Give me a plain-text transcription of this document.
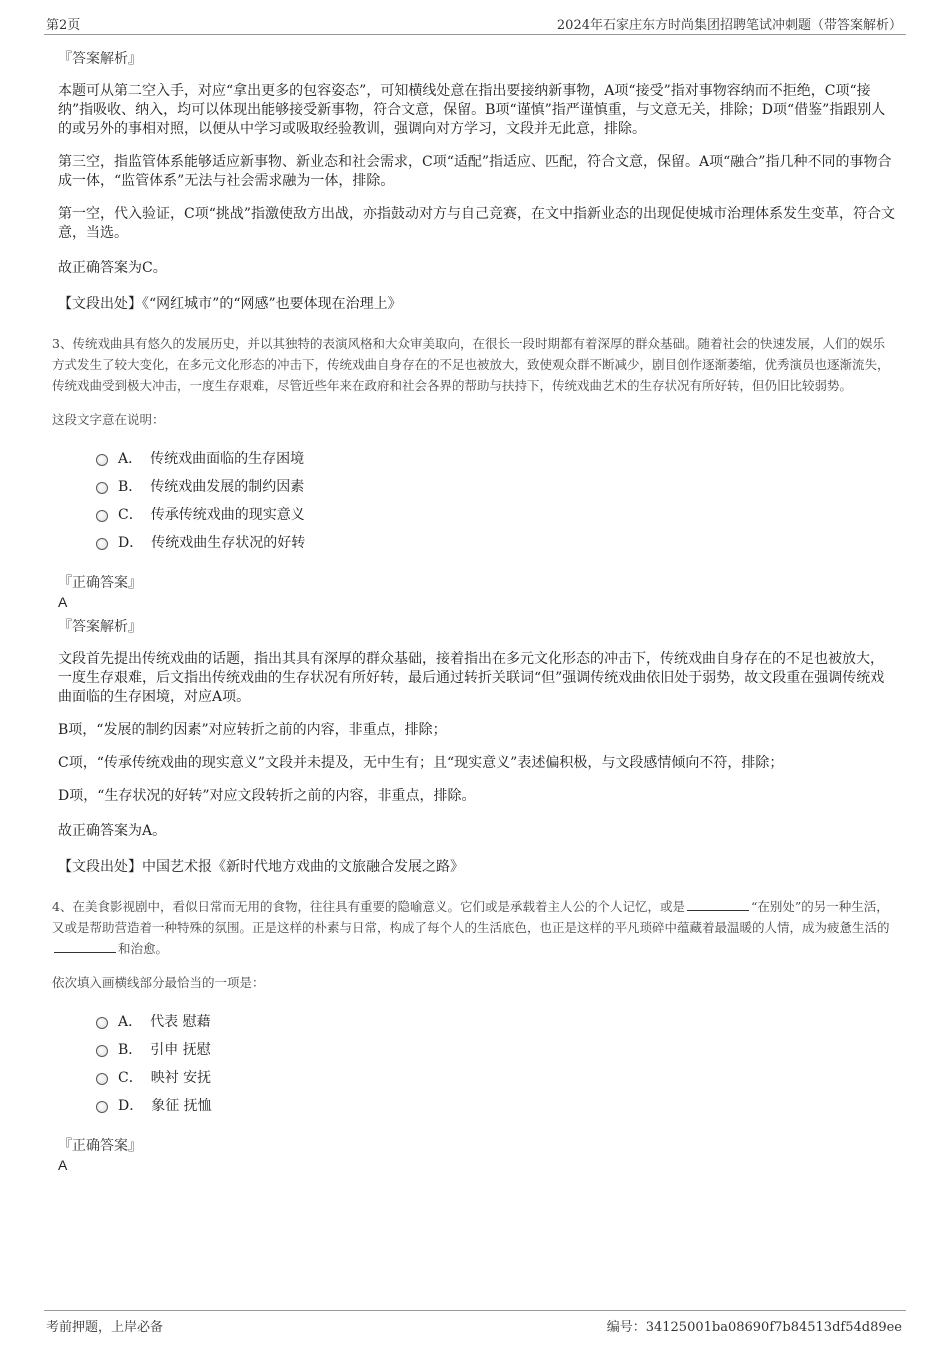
第2页	2024年石家庄东方时尚集团招聘笔试冲刺题（带答案解析）
『答案解析』

本题可从第二空入手，对应“拿出更多的包容姿态”，可知横线处意在指出要接纳新事物，A项“接受”指对事物容纳而不拒绝，C项“接纳”指吸收、纳入，均可以体现出能够接受新事物，符合文意，保留。B项“谨慎”指严谨慎重，与文意无关，排除；D项“借鉴”指跟别人的或另外的事相对照，以便从中学习或吸取经验教训，强调向对方学习，文段并无此意，排除。

第三空，指监管体系能够适应新事物、新业态和社会需求，C项“适配”指适应、匹配，符合文意，保留。A项“融合”指几种不同的事物合成一体，“监管体系”无法与社会需求融为一体，排除。

第一空，代入验证，C项“挑战”指激使敌方出战，亦指鼓动对方与自己竞赛，在文中指新业态的出现促使城市治理体系发生变革，符合文意，当选。

故正确答案为C。

【文段出处】《“网红城市”的“网感”也要体现在治理上》

3、传统戏曲具有悠久的发展历史，并以其独特的表演风格和大众审美取向，在很长一段时期都有着深厚的群众基础。随着社会的快速发展，人们的娱乐方式发生了较大变化，在多元文化形态的冲击下，传统戏曲自身存在的不足也被放大，致使观众群不断减少，剧目创作逐渐萎缩，优秀演员也逐渐流失，传统戏曲受到极大冲击，一度生存艰难，尽管近些年来在政府和社会各界的帮助与扶持下，传统戏曲艺术的生存状况有所好转，但仍旧比较弱势。

这段文字意在说明：

A． 传统戏曲面临的生存困境
B． 传统戏曲发展的制约因素
C． 传承传统戏曲的现实意义
D． 传统戏曲生存状况的好转
『正确答案』
A
『答案解析』

文段首先提出传统戏曲的话题，指出其具有深厚的群众基础，接着指出在多元文化形态的冲击下，传统戏曲自身存在的不足也被放大，一度生存艰难，后文指出传统戏曲的生存状况有所好转，最后通过转折关联词“但”强调传统戏曲依旧处于弱势，故文段重在强调传统戏曲面临的生存困境，对应A项。

B项，“发展的制约因素”对应转折之前的内容，非重点，排除；

C项，“传承传统戏曲的现实意义”文段并未提及，无中生有；且“现实意义”表述偏积极，与文段感情倾向不符，排除；

D项，“生存状况的好转”对应文段转折之前的内容，非重点，排除。

故正确答案为A。

【文段出处】中国艺术报《新时代地方戏曲的文旅融合发展之路》

4、在美食影视剧中，看似日常而无用的食物，往往具有重要的隐喻意义。它们或是承载着主人公的个人记忆，或是	“在别处”的另一种生活，又或是帮助营造着一种特殊的氛围。正是这样的朴素与日常，构成了每个人的生活底色，也正是这样的平凡琐碎中蕴藏着最温暖的人情，成为疲惫生活的和治愈。

依次填入画横线部分最恰当的一项是：

A． 代表 慰藉
B． 引申 抚慰
C． 映衬 安抚
D． 象征 抚恤
『正确答案』
A
考前押题，上岸必备	编号：34125001ba08690f7b84513df54d89ee
